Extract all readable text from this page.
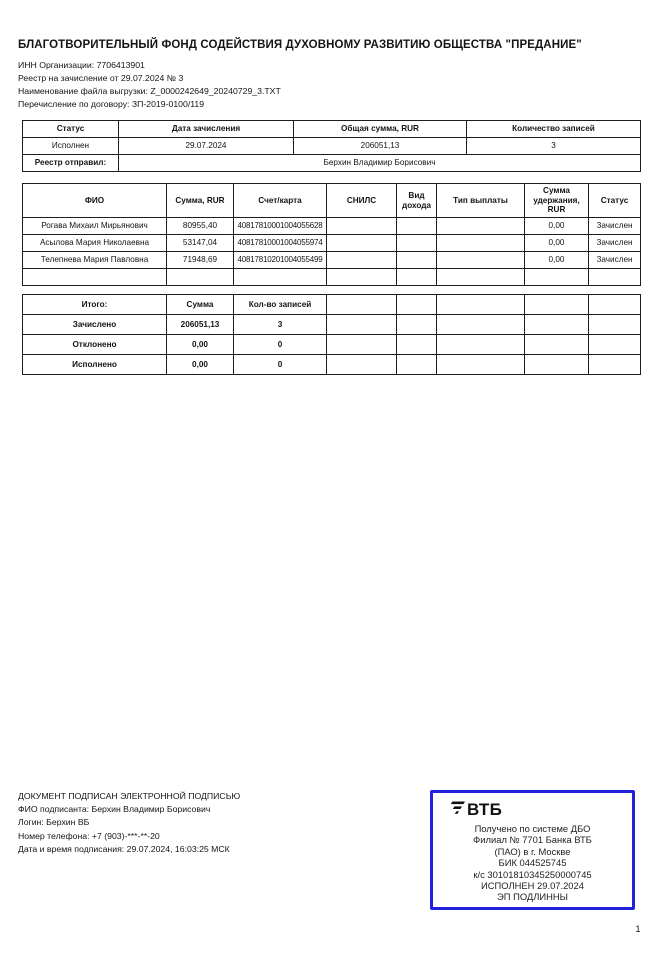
БЛАГОТВОРИТЕЛЬНЫЙ ФОНД СОДЕЙСТВИЯ ДУХОВНОМУ РАЗВИТИЮ ОБЩЕСТВА "ПРЕДАНИЕ"
ИНН Организации: 7706413901
Реестр на зачисление от 29.07.2024 № 3
Наименование файла выгрузки: Z_0000242649_20240729_3.TXT
Перечисление по договору: ЗП-2019-0100/119
Статус	Дата зачисления	Общая сумма, RUR	Количество записей
Исполнен	29.07.2024	206051,13	3
Реестр отправил:	Берхин Владимир Борисович		
ФИО	Сумма, RUR	Счет/карта	СНИЛС	Вид дохода	Тип выплаты	Сумма удержания, RUR	Статус
Рогава Михаил Мирьянович	80955,40	40817810001004055628				0,00	Зачислен
Асылова Мария Николаевна	53147,04	40817810001004055974				0,00	Зачислен
Телепнева Мария Павловна	71948,69	40817810201004055499				0,00	Зачислен

Итого:	Сумма	Кол-во записей					
Зачислено	206051,13	3					
Отклонено	0,00	0					
Исполнено	0,00	0					
ДОКУМЕНТ ПОДПИСАН ЭЛЕКТРОННОЙ ПОДПИСЬЮ
ФИО подписанта: Берхин Владимир Борисович
Логин: Берхин ВБ
Номер телефона: +7 (903)-***-**-20
Дата и время подписания: 29.07.2024, 16:03:25 МСК
ВТБ
Получено по системе ДБО
Филиал № 7701 Банка ВТБ
(ПАО) в г. Москве
БИК 044525745
к/с 30101810345250000745
ИСПОЛНЕН 29.07.2024
ЭП ПОДЛИННЫ
1
